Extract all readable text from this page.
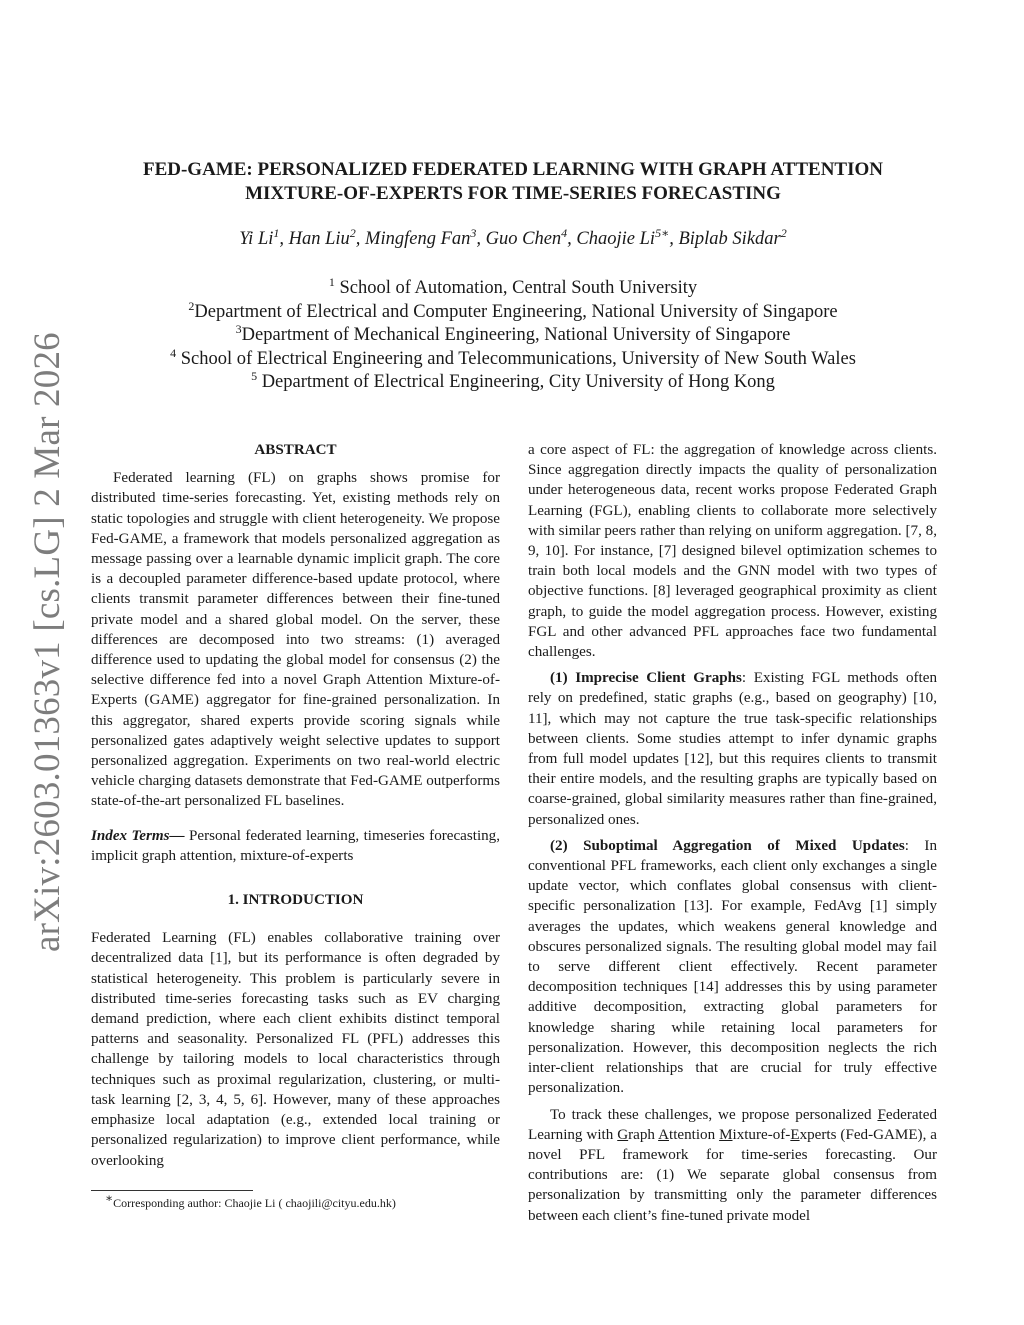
arXiv:2603.01363v1 [cs.LG] 2 Mar 2026
FED-GAME: PERSONALIZED FEDERATED LEARNING WITH GRAPH ATTENTION
MIXTURE-OF-EXPERTS FOR TIME-SERIES FORECASTING
Yi Li$^1$, Han Liu$^2$, Mingfeng Fan$^3$, Guo Chen$^4$, Chaojie $Li^{5∗}$, Biplab Sikdar$^2$
$^1$ School of Automation, Central South University
$^2$Department of Electrical and Computer Engineering, National University of Singapore
$^3$Department of Mechanical Engineering, National University of Singapore
$^4$ School of Electrical Engineering and Telecommunications, University of New South Wales
$^5$ Department of Electrical Engineering, City University of Hong Kong
ABSTRACT

Federated learning (FL) on graphs shows promise for distributed time-series forecasting. Yet, existing methods rely on static topologies and struggle with client heterogeneity. We propose Fed-GAME, a framework that models personalized aggregation as message passing over a learnable dynamic implicit graph. The core is a decoupled parameter difference-based update protocol, where clients transmit parameter differences between their fine-tuned private model and a shared global model. On the server, these differences are decomposed into two streams: (1) averaged difference used to updating the global model for consensus (2) the selective difference fed into a novel Graph Attention Mixture-of-Experts (GAME) aggregator for fine-grained personalization. In this aggregator, shared experts provide scoring signals while personalized gates adaptively weight selective updates to support personalized aggregation. Experiments on two real-world electric vehicle charging datasets demonstrate that Fed-GAME outperforms state-of-the-art personalized FL baselines.

Index Terms— Personal federated learning, timeseries forecasting, implicit graph attention, mixture-of-experts

1. INTRODUCTION

Federated Learning (FL) enables collaborative training over decentralized data [1], but its performance is often degraded by statistical heterogeneity. This problem is particularly severe in distributed time-series forecasting tasks such as EV charging demand prediction, where each client exhibits distinct temporal patterns and seasonality. Personalized FL (PFL) addresses this challenge by tailoring models to local characteristics through techniques such as proximal regularization, clustering, or multi-task learning [2, 3, 4, 5, 6]. However, many of these approaches emphasize local adaptation (e.g., extended local training or personalized regularization) to improve client performance, while overlooking

a core aspect of FL: the aggregation of knowledge across clients. Since aggregation directly impacts the quality of personalization under heterogeneous data, recent works propose Federated Graph Learning (FGL), enabling clients to collaborate more selectively with similar peers rather than relying on uniform aggregation. [7, 8, 9, 10]. For instance, [7] designed bilevel optimization schemes to train both local models and the GNN model with two types of objective functions. [8] leveraged geographical proximity as client graph, to guide the model aggregation process. However, existing FGL and other advanced PFL approaches face two fundamental challenges.

(1) Imprecise Client Graphs: Existing FGL methods often rely on predefined, static graphs (e.g., based on geography) [10, 11], which may not capture the true task-specific relationships between clients. Some studies attempt to infer dynamic graphs from full model updates [12], but this requires clients to transmit their entire models, and the resulting graphs are typically based on coarse-grained, global similarity measures rather than fine-grained, personalized ones.

(2) Suboptimal Aggregation of Mixed Updates: In conventional PFL frameworks, each client only exchanges a single update vector, which conflates global consensus with client-specific personalization [13]. For example, FedAvg [1] simply averages the updates, which weakens general knowledge and obscures personalized signals. The resulting global model may fail to serve different client effectively. Recent parameter decomposition techniques [14] addresses this by using parameter additive decomposition, extracting global parameters for knowledge sharing while retaining local parameters for personalization. However, this decomposition neglects the rich inter-client relationships that are crucial for truly effective personalization.

To track these challenges, we propose personalized Federated Learning with Graph Attention Mixture-of-Experts (Fed-GAME), a novel PFL framework for time-series forecasting. Our contributions are: (1) We separate global consensus from personalization by transmitting only the parameter differences between each client’s fine-tuned private model

∗Corresponding author: Chaojie Li ( chaojili@cityu.edu.hk)
